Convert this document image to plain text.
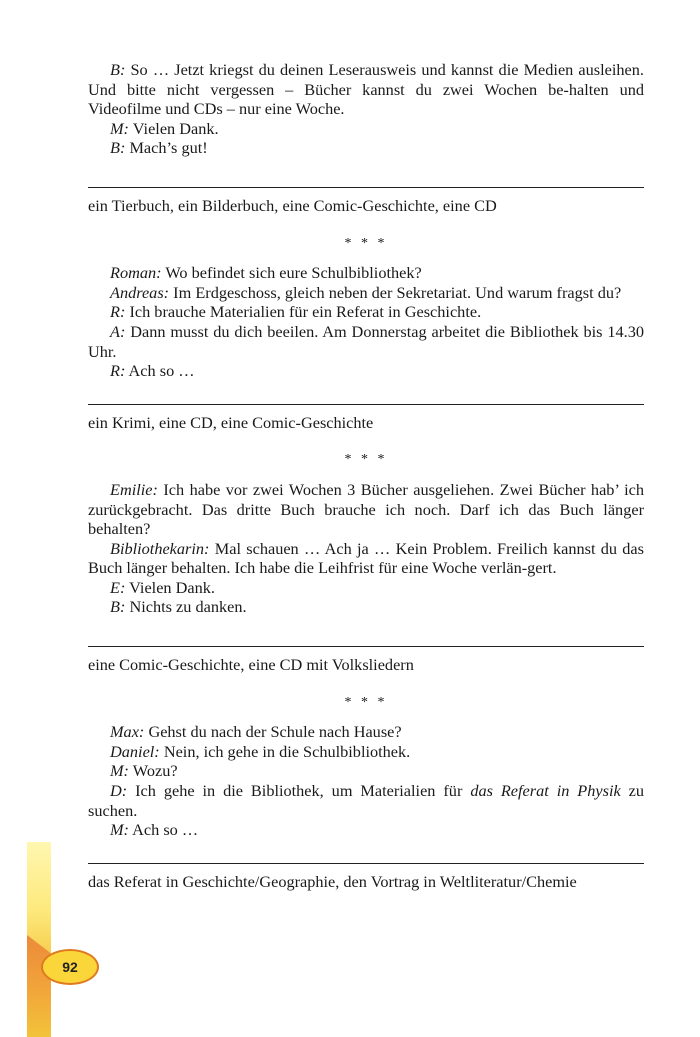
92

B: So … Jetzt kriegst du deinen Leserausweis und kannst die Medien ausleihen. Und bitte nicht vergessen – Bücher kannst du zwei Wochen be-halten und Videofilme und CDs – nur eine Woche.

M: Vielen Dank.

B: Mach’s gut!

ein Tierbuch, ein Bilderbuch, eine Comic-Geschichte, eine CD

* * *

Roman: Wo befindet sich eure Schulbibliothek?

Andreas: Im Erdgeschoss, gleich neben der Sekretariat. Und warum fragst du?

R: Ich brauche Materialien für ein Referat in Geschichte.

A: Dann musst du dich beeilen. Am Donnerstag arbeitet die Bibliothek bis 14.30 Uhr.

R: Ach so …

ein Krimi, eine CD, eine Comic-Geschichte

* * *

Emilie: Ich habe vor zwei Wochen 3 Bücher ausgeliehen. Zwei Bücher hab’ ich zurückgebracht. Das dritte Buch brauche ich noch. Darf ich das Buch länger behalten?

Bibliothekarin: Mal schauen … Ach ja … Kein Problem. Freilich kannst du das Buch länger behalten. Ich habe die Leihfrist für eine Woche verlän-gert.

E: Vielen Dank.

B: Nichts zu danken.

eine Comic-Geschichte, eine CD mit Volksliedern

* * *

Max: Gehst du nach der Schule nach Hause?

Daniel: Nein, ich gehe in die Schulbibliothek.

M: Wozu?

D: Ich gehe in die Bibliothek, um Materialien für das Referat in Physik zu suchen.

M: Ach so …

das Referat in Geschichte/Geographie, den Vortrag in Weltliteratur/Chemie
